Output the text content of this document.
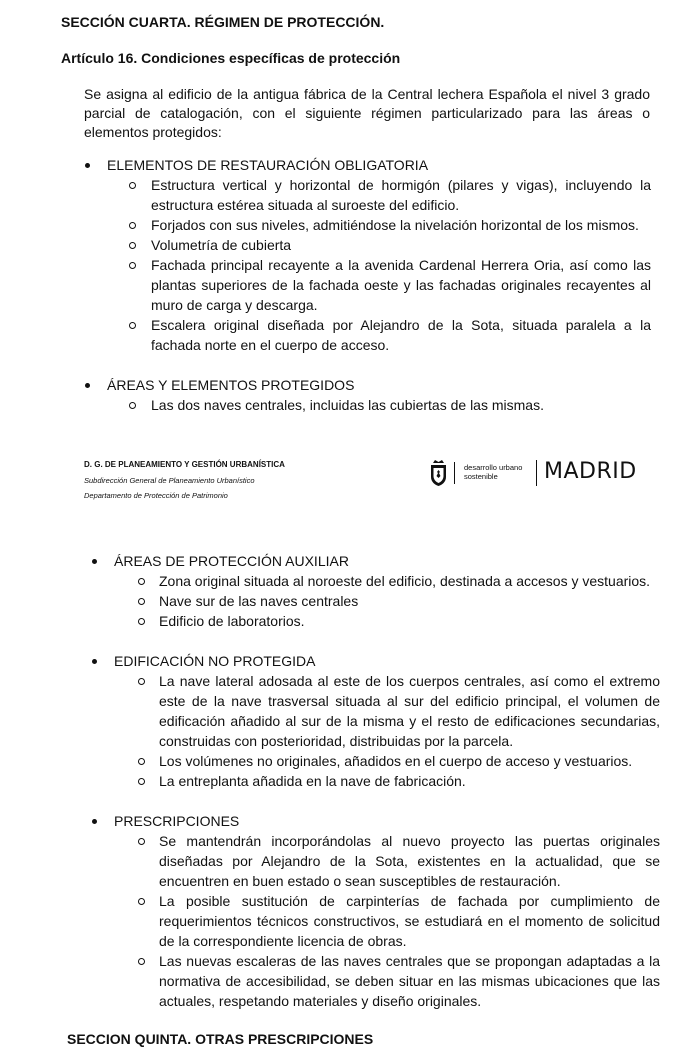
SECCIÓN CUARTA. RÉGIMEN DE PROTECCIÓN.
Artículo 16. Condiciones específicas de protección
Se asigna al edificio de la antigua fábrica de la Central lechera Española el nivel 3 grado parcial de catalogación, con el siguiente régimen particularizado para las áreas o elementos protegidos:
ELEMENTOS DE RESTAURACIÓN OBLIGATORIA
Estructura vertical y horizontal de hormigón (pilares y vigas), incluyendo la estructura estérea situada al suroeste del edificio.
Forjados con sus niveles, admitiéndose la nivelación horizontal de los mismos.
Volumetría de cubierta
Fachada principal recayente a la avenida Cardenal Herrera Oria, así como las plantas superiores de la fachada oeste y las fachadas originales recayentes al muro de carga y descarga.
Escalera original diseñada por Alejandro de la Sota, situada paralela a la fachada norte en el cuerpo de acceso.
ÁREAS Y ELEMENTOS PROTEGIDOS
Las dos naves centrales, incluidas las cubiertas de las mismas.
D. G. DE PLANEAMIENTO Y GESTIÓN URBANÍSTICA
Subdirección General de Planeamiento Urbanístico
Departamento de Protección de Patrimonio
desarrollo urbano
sostenible	MADRID
ÁREAS DE PROTECCIÓN AUXILIAR
Zona original situada al noroeste del edificio, destinada a accesos y vestuarios.
Nave sur de las naves centrales
Edificio de laboratorios.
EDIFICACIÓN NO PROTEGIDA
La nave lateral adosada al este de los cuerpos centrales, así como el extremo este de la nave trasversal situada al sur del edificio principal, el volumen de edificación añadido al sur de la misma y el resto de edificaciones secundarias, construidas con posterioridad, distribuidas por la parcela.
Los volúmenes no originales, añadidos en el cuerpo de acceso y vestuarios.
La entreplanta añadida en la nave de fabricación.
PRESCRIPCIONES
Se mantendrán incorporándolas al nuevo proyecto las puertas originales diseñadas por Alejandro de la Sota, existentes en la actualidad, que se encuentren en buen estado o sean susceptibles de restauración.
La posible sustitución de carpinterías de fachada por cumplimiento de requerimientos técnicos constructivos, se estudiará en el momento de solicitud de la correspondiente licencia de obras.
Las nuevas escaleras de las naves centrales que se propongan adaptadas a la normativa de accesibilidad, se deben situar en las mismas ubicaciones que las actuales, respetando materiales y diseño originales.
SECCION QUINTA. OTRAS PRESCRIPCIONES
